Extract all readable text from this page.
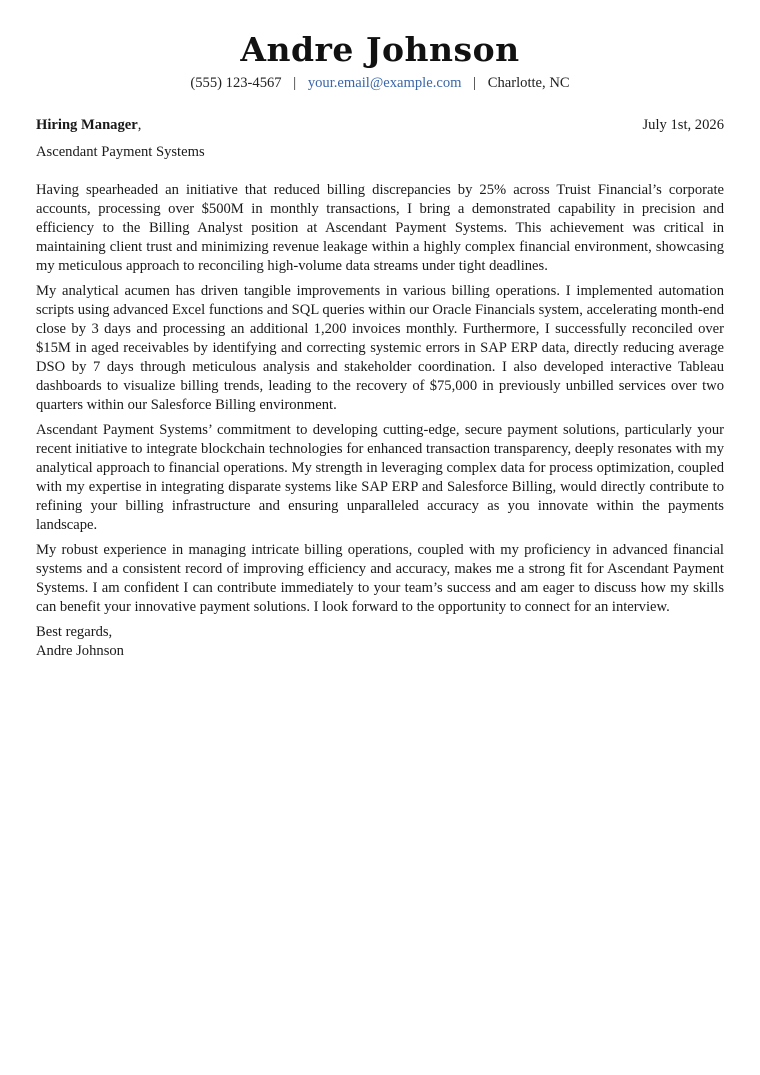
Andre Johnson
(555) 123-4567 | your.email@example.com | Charlotte, NC
Hiring Manager,	July 1st, 2026
Ascendant Payment Systems

Having spearheaded an initiative that reduced billing discrepancies by 25% across Truist Financial’s corporate accounts, processing over $500M in monthly transactions, I bring a demonstrated capability in precision and efficiency to the Billing Analyst position at Ascendant Payment Systems. This achievement was critical in maintaining client trust and minimizing revenue leakage within a highly complex financial environment, showcasing my meticulous approach to reconciling high-volume data streams under tight deadlines.

My analytical acumen has driven tangible improvements in various billing operations. I implemented automation scripts using advanced Excel functions and SQL queries within our Oracle Financials system, accelerating month-end close by 3 days and processing an additional 1,200 invoices monthly. Furthermore, I successfully reconciled over $15M in aged receivables by identifying and correcting systemic errors in SAP ERP data, directly reducing average DSO by 7 days through meticulous analysis and stakeholder coordination. I also developed interactive Tableau dashboards to visualize billing trends, leading to the recovery of $75,000 in previously unbilled services over two quarters within our Salesforce Billing environment.

Ascendant Payment Systems’ commitment to developing cutting-edge, secure payment solutions, particularly your recent initiative to integrate blockchain technologies for enhanced transaction transparency, deeply resonates with my analytical approach to financial operations. My strength in leveraging complex data for process optimization, coupled with my expertise in integrating disparate systems like SAP ERP and Salesforce Billing, would directly contribute to refining your billing infrastructure and ensuring unparalleled accuracy as you innovate within the payments landscape.

My robust experience in managing intricate billing operations, coupled with my proficiency in advanced financial systems and a consistent record of improving efficiency and accuracy, makes me a strong fit for Ascendant Payment Systems. I am confident I can contribute immediately to your team’s success and am eager to discuss how my skills can benefit your innovative payment solutions. I look forward to the opportunity to connect for an interview.

Best regards,
Andre Johnson
